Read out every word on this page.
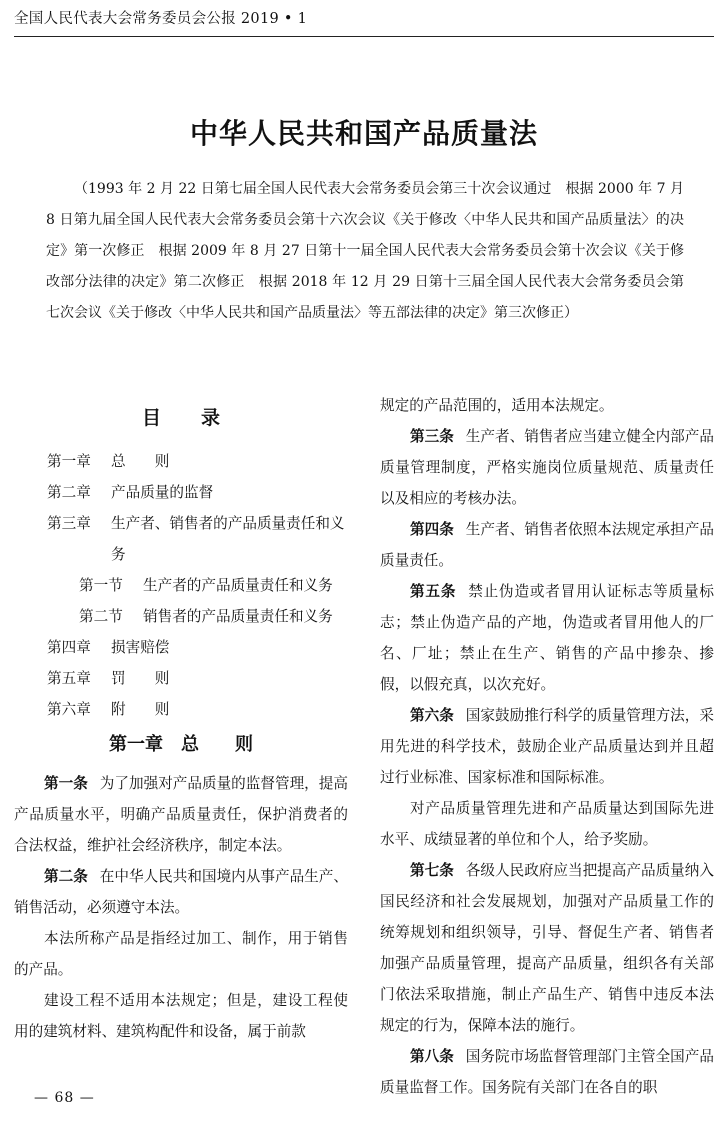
全国人民代表大会常务委员会公报 2019 • 1
中华人民共和国产品质量法

（1993 年 2 月 22 日第七届全国人民代表大会常务委员会第三十次会议通过　根据 2000 年 7 月 8 日第九届全国人民代表大会常务委员会第十六次会议《关于修改〈中华人民共和国产品质量法〉的决定》第一次修正　根据 2009 年 8 月 27 日第十一届全国人民代表大会常务委员会第十次会议《关于修改部分法律的决定》第二次修正　根据 2018 年 12 月 29 日第十三届全国人民代表大会常务委员会第七次会议《关于修改〈中华人民共和国产品质量法〉等五部法律的决定》第三次修正）

目录
第一章	总　　则
第二章	产品质量的监督
第三章	生产者、销售者的产品质量责任和义务
第一节	生产者的产品质量责任和义务
第二节	销售者的产品质量责任和义务
第四章	损害赔偿
第五章	罚　　则
第六章	附　　则
第一章　总　　则

第一条 为了加强对产品质量的监督管理，提高产品质量水平，明确产品质量责任，保护消费者的合法权益，维护社会经济秩序，制定本法。

第二条 在中华人民共和国境内从事产品生产、销售活动，必须遵守本法。

本法所称产品是指经过加工、制作，用于销售的产品。

建设工程不适用本法规定；但是，建设工程使用的建筑材料、建筑构配件和设备，属于前款

规定的产品范围的，适用本法规定。

第三条 生产者、销售者应当建立健全内部产品质量管理制度，严格实施岗位质量规范、质量责任以及相应的考核办法。

第四条 生产者、销售者依照本法规定承担产品质量责任。

第五条 禁止伪造或者冒用认证标志等质量标志；禁止伪造产品的产地，伪造或者冒用他人的厂名、厂址；禁止在生产、销售的产品中掺杂、掺假，以假充真，以次充好。

第六条 国家鼓励推行科学的质量管理方法，采用先进的科学技术，鼓励企业产品质量达到并且超过行业标准、国家标准和国际标准。

对产品质量管理先进和产品质量达到国际先进水平、成绩显著的单位和个人，给予奖励。

第七条 各级人民政府应当把提高产品质量纳入国民经济和社会发展规划，加强对产品质量工作的统筹规划和组织领导，引导、督促生产者、销售者加强产品质量管理，提高产品质量，组织各有关部门依法采取措施，制止产品生产、销售中违反本法规定的行为，保障本法的施行。

第八条 国务院市场监督管理部门主管全国产品质量监督工作。国务院有关部门在各自的职

— 68 —
